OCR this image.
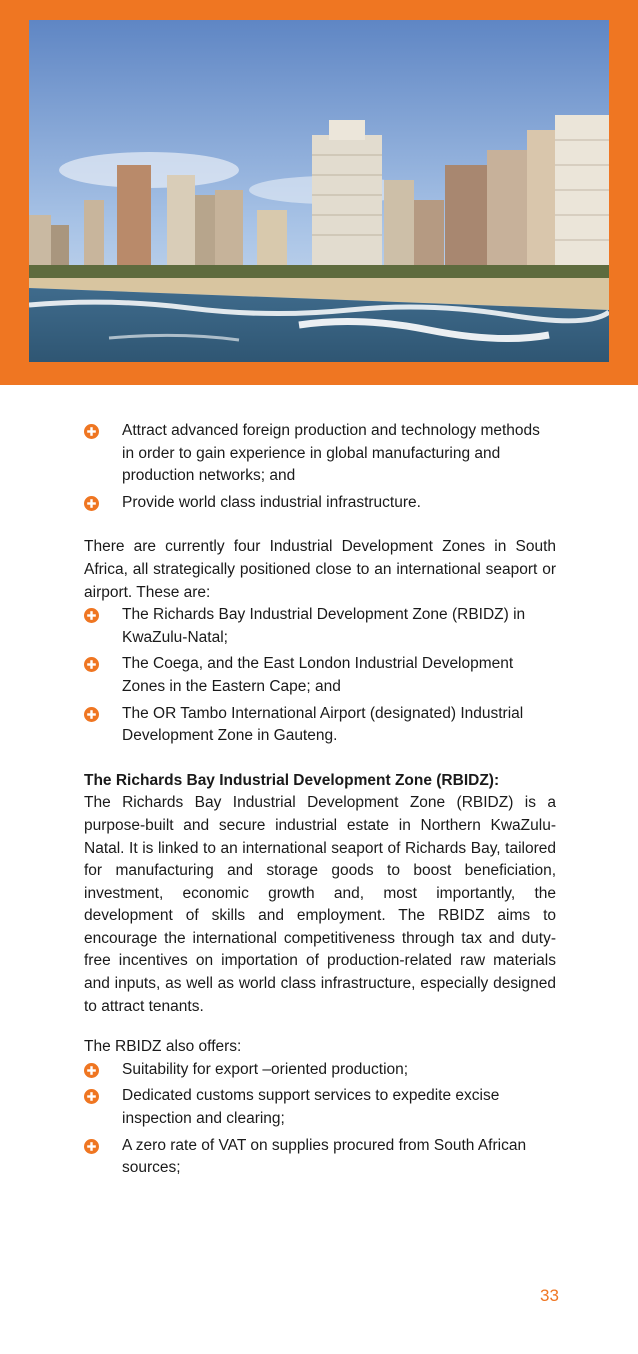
Attract advanced foreign production and technology methods in order to gain experience in global manufacturing and production networks; and
Provide world class industrial infrastructure.

There are currently four Industrial Development Zones in South Africa, all strategically positioned close to an international seaport or airport. These are:

The Richards Bay Industrial Development Zone (RBIDZ) in KwaZulu-Natal;
The Coega, and the East London Industrial Development Zones in the Eastern Cape; and
The OR Tambo International Airport (designated) Industrial Development Zone in Gauteng.

The Richards Bay Industrial Development Zone (RBIDZ):

The Richards Bay Industrial Development Zone (RBIDZ) is a purpose-built and secure industrial estate in Northern KwaZulu-Natal. It is linked to an international seaport of Richards Bay, tailored for manufacturing and storage goods to boost beneficiation, investment, economic growth and, most importantly, the development of skills and employment. The RBIDZ aims to encourage the international competitiveness through tax and duty-free incentives on importation of production-related raw materials and inputs, as well as world class infrastructure, especially designed to attract tenants.

The RBIDZ also offers:

Suitability for export –oriented production;
Dedicated customs support services to expedite excise inspection and clearing;
A zero rate of VAT on supplies procured from South African sources;
33
